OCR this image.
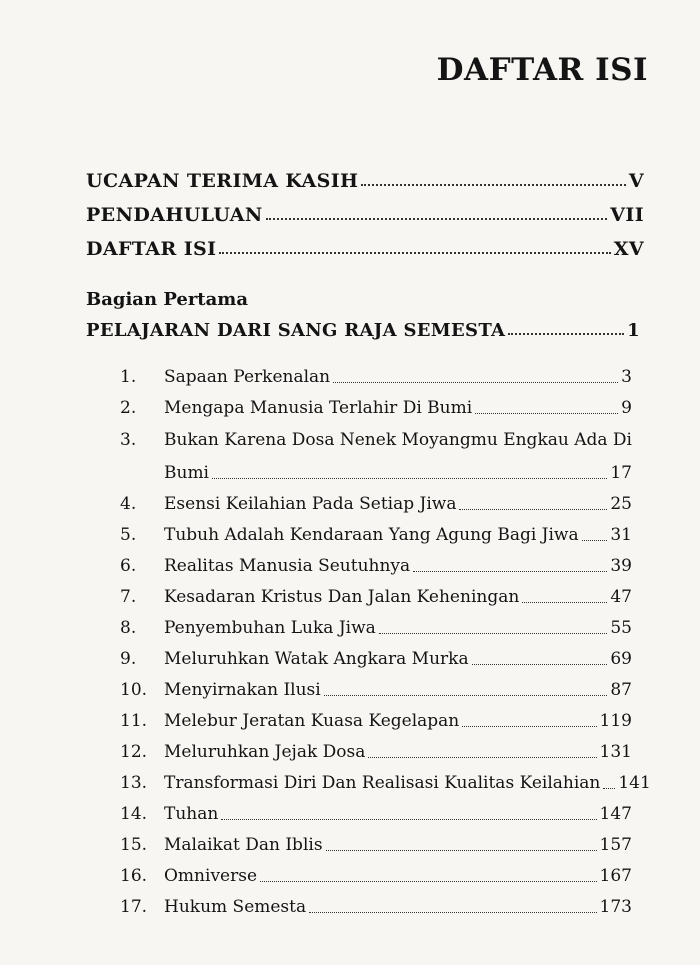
DAFTAR ISI
UCAPAN TERIMA KASIH	V
PENDAHULUAN	VII
DAFTAR ISI	XV
Bagian Pertama
PELAJARAN DARI SANG RAJA SEMESTA	1
1.	Sapaan Perkenalan	3
2.	Mengapa Manusia Terlahir Di Bumi	9
3.	Bukan Karena Dosa Nenek Moyangmu Engkau Ada Di
Bumi	17
4.	Esensi Keilahian Pada Setiap Jiwa	25
5.	Tubuh Adalah Kendaraan Yang Agung Bagi Jiwa 31
6.	Realitas Manusia Seutuhnya	39
7.	Kesadaran Kristus Dan Jalan Keheningan	47
8.	Penyembuhan Luka Jiwa	55
9.	Meluruhkan Watak Angkara Murka	69
10. Menyirnakan Ilusi	87
11. Melebur Jeratan Kuasa Kegelapan	119
12. Meluruhkan Jejak Dosa	131
13. Transformasi Diri Dan Realisasi Kualitas Keilahian 141
14. Tuhan	147
15. Malaikat Dan Iblis	157
16. Omniverse	167
17. Hukum Semesta	173
